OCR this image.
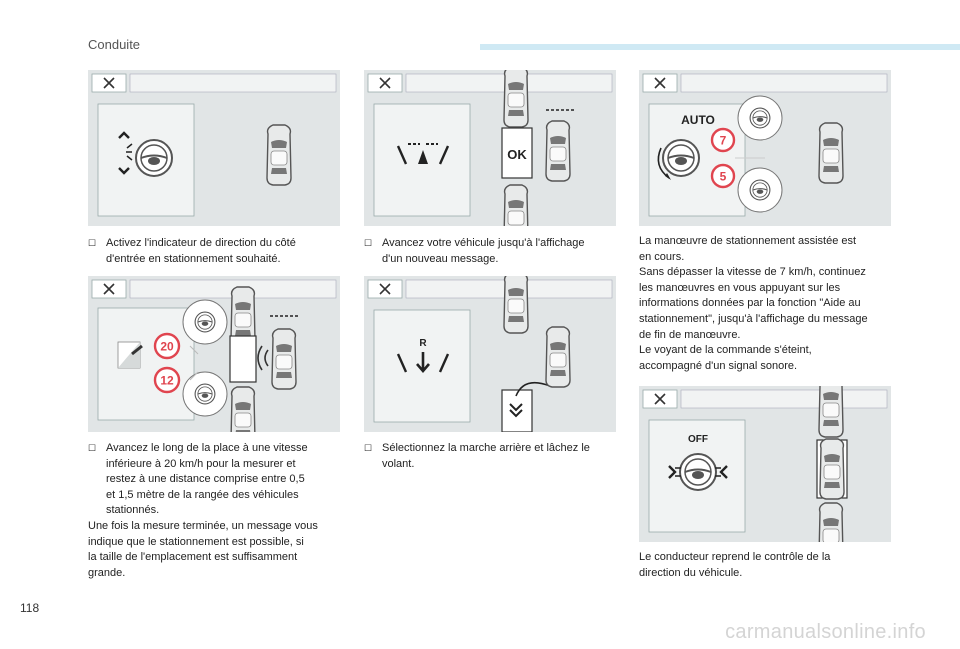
Conduite
20
12
OK
R
AUTO
7
5
OFF
☐ Activez l'indicateur de direction du côté
d'entrée en stationnement souhaité.
☐ Avancez le long de la place à une vitesse
inférieure à 20 km/h pour la mesurer et
restez à une distance comprise entre 0,5
et 1,5 mètre de la rangée des véhicules
stationnés.
Une fois la mesure terminée, un message vous
indique que le stationnement est possible, si
la taille de l'emplacement est suffisamment
grande.
☐ Avancez votre véhicule jusqu'à l'affichage
d'un nouveau message.
☐ Sélectionnez la marche arrière et lâchez le
volant.
La manœuvre de stationnement assistée est
en cours.
Sans dépasser la vitesse de 7 km/h, continuez
les manœuvres en vous appuyant sur les
informations données par la fonction "Aide au
stationnement", jusqu'à l'affichage du message
de fin de manœuvre.
Le voyant de la commande s'éteint,
accompagné d'un signal sonore.
Le conducteur reprend le contrôle de la
direction du véhicule.
118
carmanualsonline.info
